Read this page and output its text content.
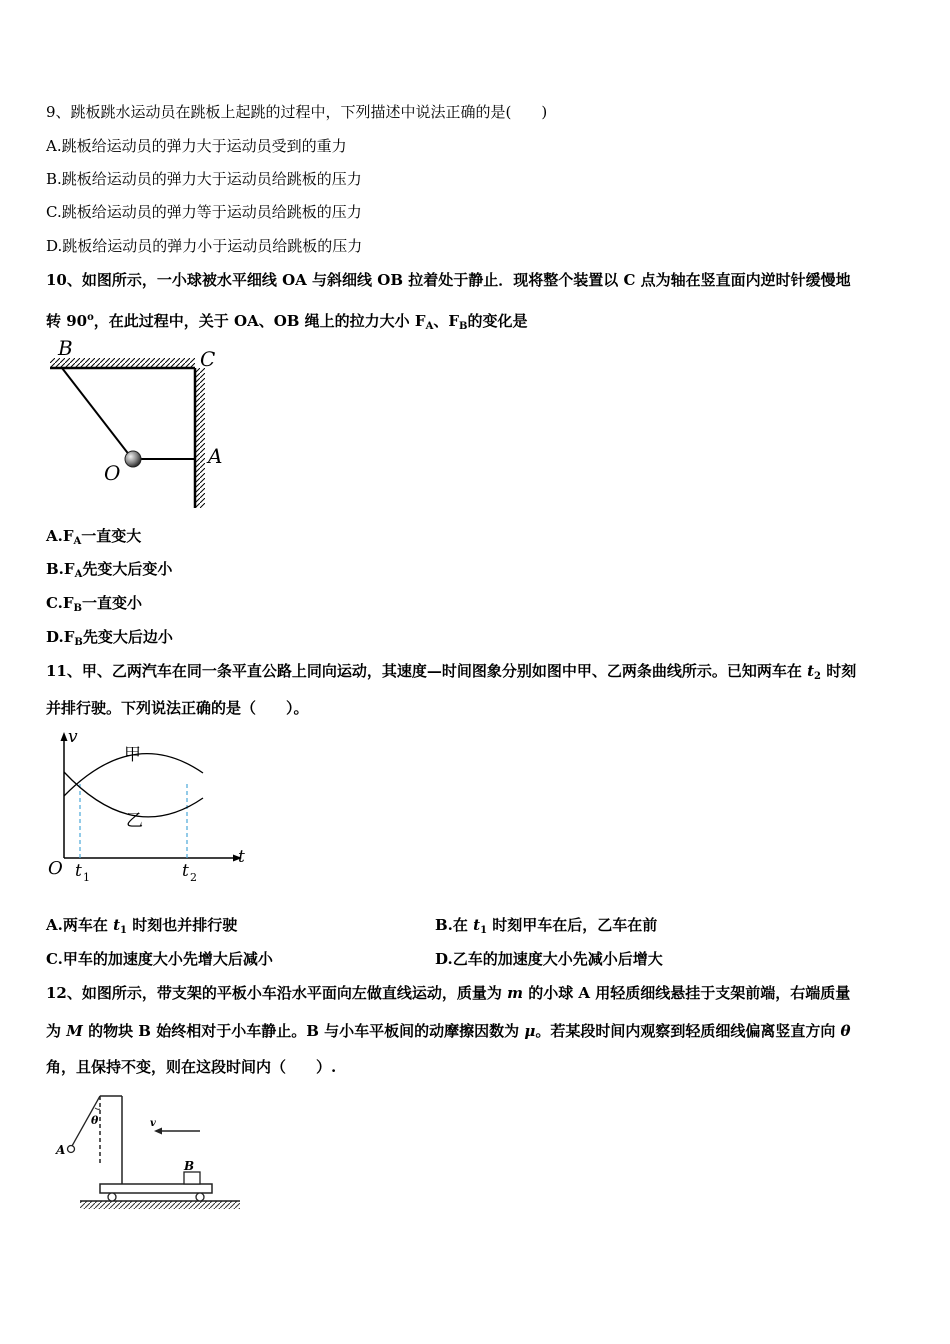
9、跳板跳水运动员在跳板上起跳的过程中，下列描述中说法正确的是(　　)
A.跳板给运动员的弹力大于运动员受到的重力
B.跳板给运动员的弹力大于运动员给跳板的压力
C.跳板给运动员的弹力等于运动员给跳板的压力
D.跳板给运动员的弹力小于运动员给跳板的压力
10、如图所示，一小球被水平细线 OA 与斜细线 OB 拉着处于静止．现将整个装置以 C 点为轴在竖直面内逆时针缓慢地
转 90$^o$，在此过程中，关于 OA、OB 绳上的拉力大小 $F_A$、$F_B$的变化是
B	C
A
O
$A.F_A$一直变大
$B.F_A$先变大后变小
$C.F_B$一直变小
$D.F_B$先变大后边小
11、甲、乙两汽车在同一条平直公路上同向运动，其速度—时间图象分别如图中甲、乙两条曲线所示。已知两车在 $t_2$ 时刻
并排行驶。下列说法正确的是（　　）。
v
t
O t 1	t 2
甲
乙
A.两车在 $t_1$ 时刻也并排行驶	B.在 $t_1$ 时刻甲车在后，乙车在前
C.甲车的加速度大小先增大后减小	D.乙车的加速度大小先减小后增大
12、如图所示，带支架的平板小车沿水平面向左做直线运动，质量为 m 的小球 A 用轻质细线悬挂于支架前端，右端质量
为 M 的物块 B 始终相对于小车静止。B 与小车平板间的动摩擦因数为 μ。若某段时间内观察到轻质细线偏离竖直方向 θ
角，且保持不变，则在这段时间内（　　）.
θ
A
B
v
